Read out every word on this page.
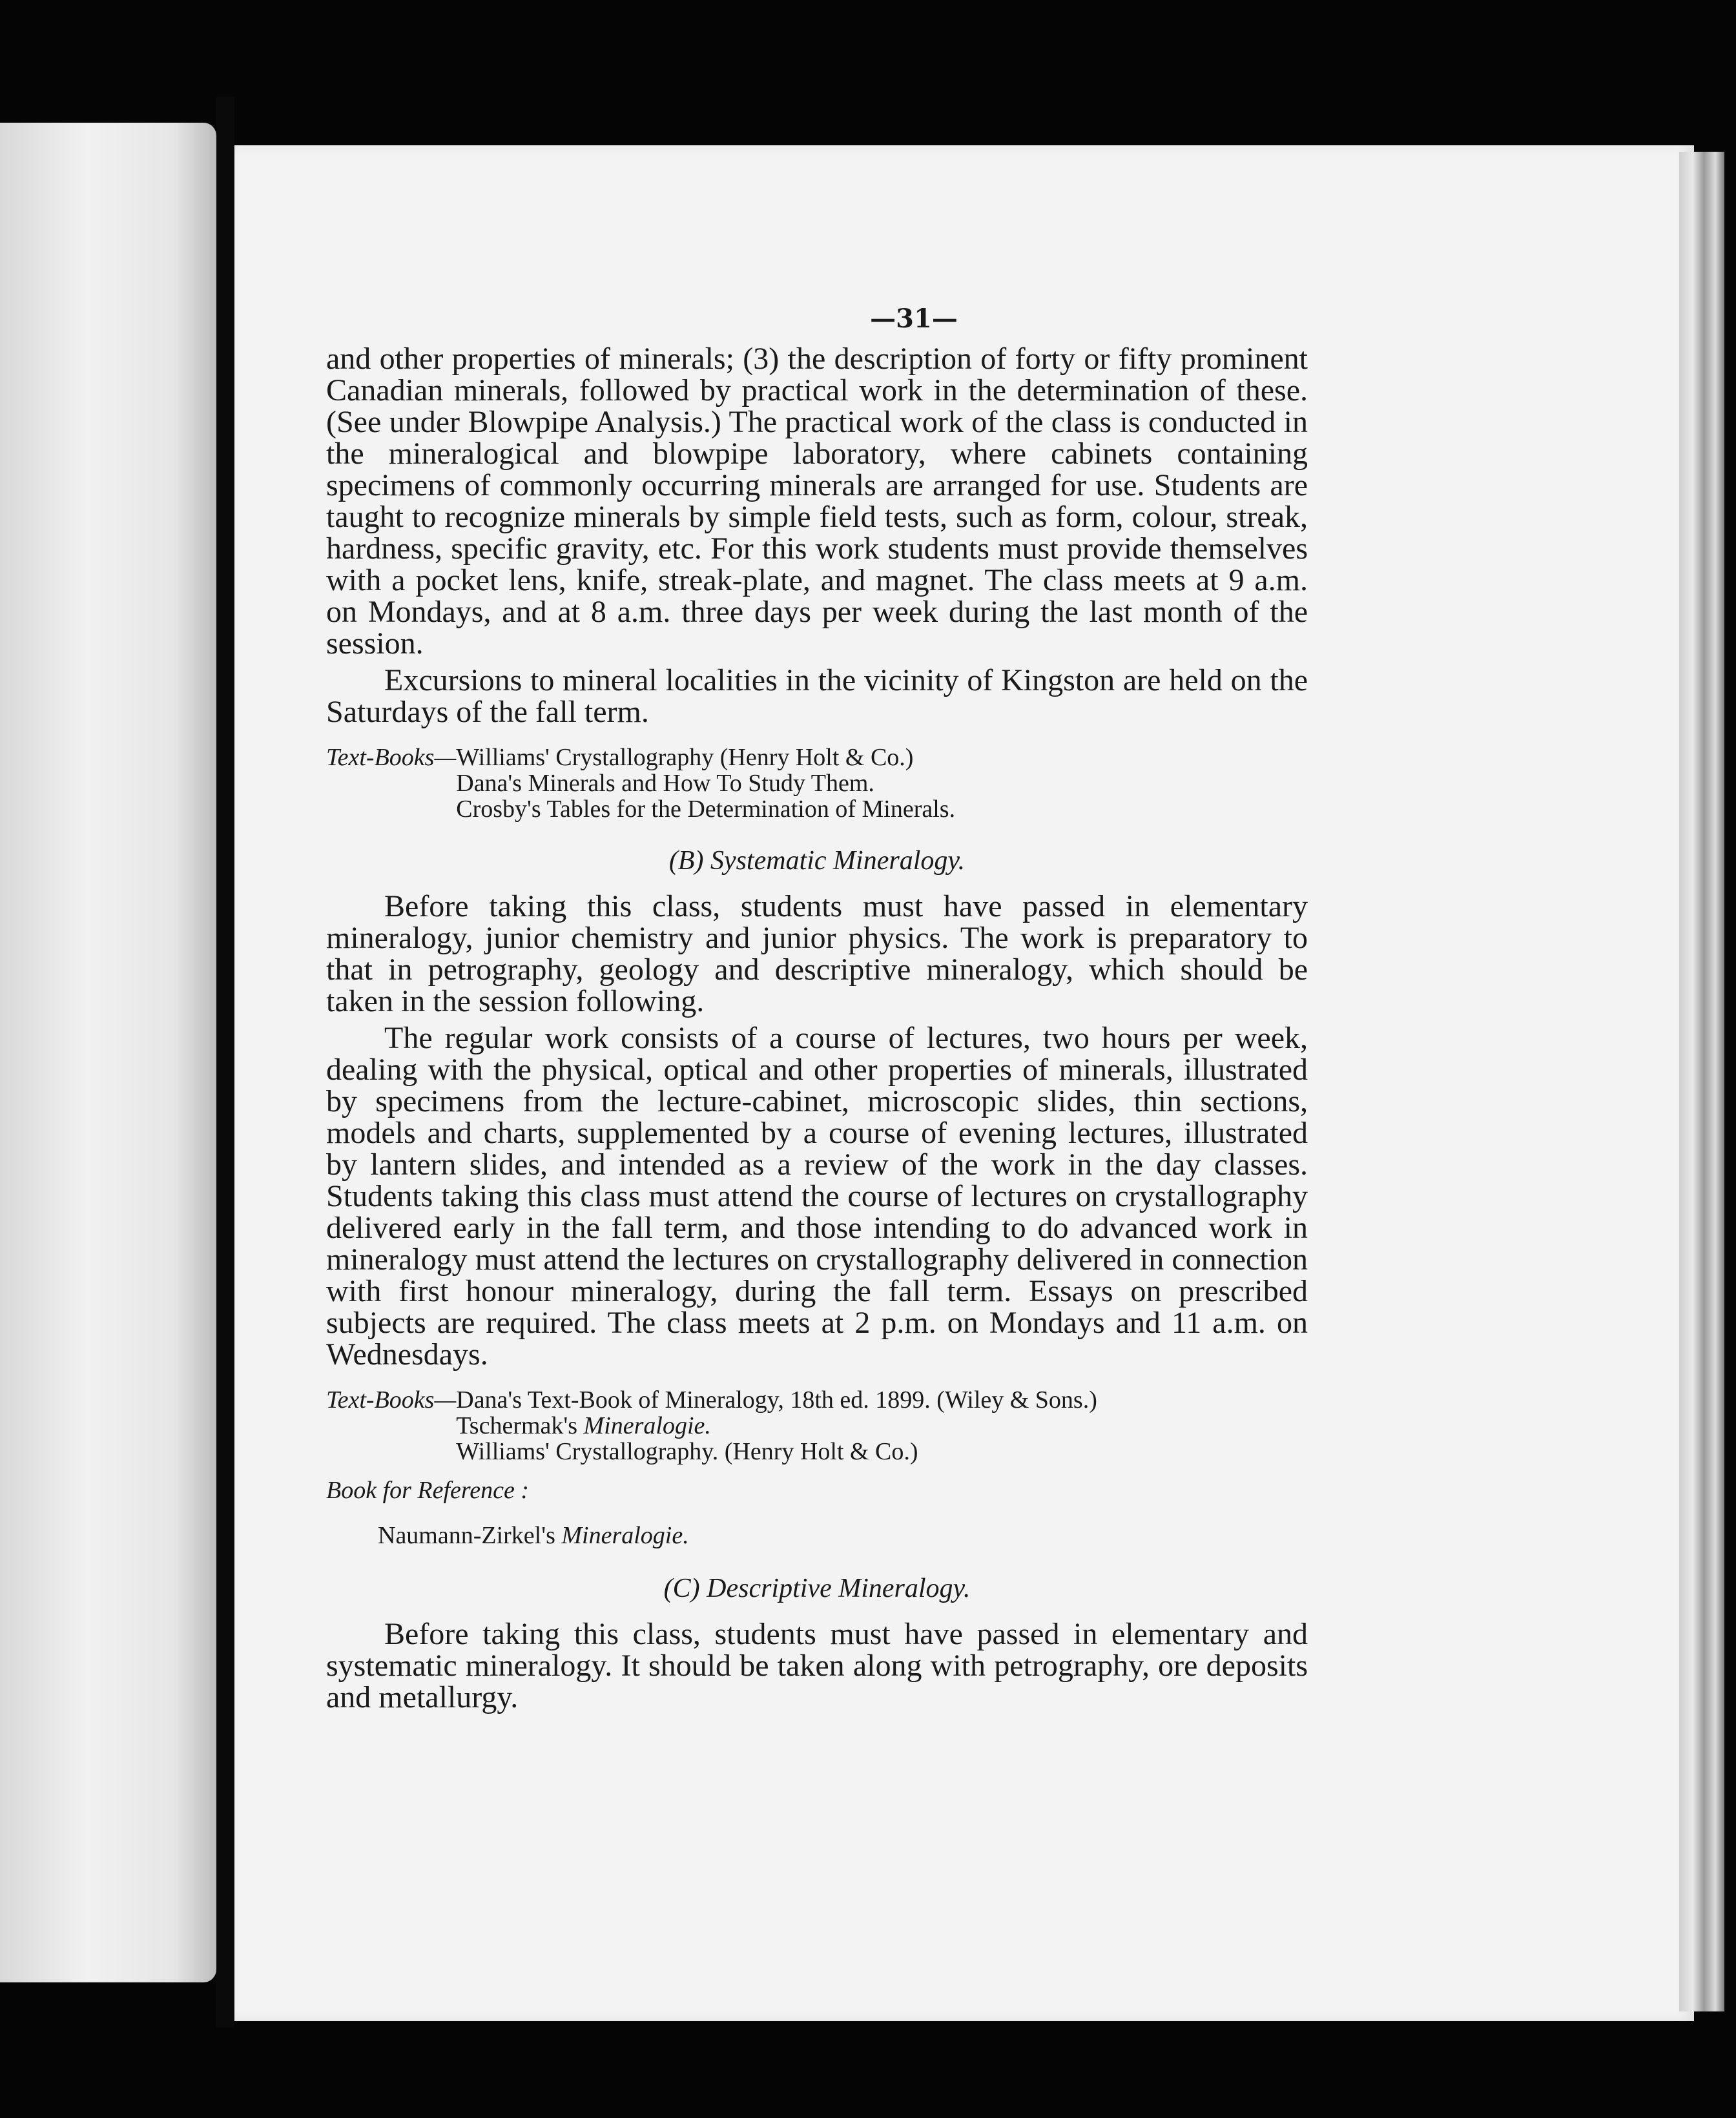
—31—

and other properties of minerals; (3) the description of forty or fifty prominent Canadian minerals, followed by practical work in the determination of these. (See under Blowpipe Analysis.) The practical work of the class is conducted in the mineralogical and blowpipe laboratory, where cabinets containing specimens of commonly occurring minerals are arranged for use. Students are taught to recognize minerals by simple field tests, such as form, colour, streak, hardness, specific gravity, etc. For this work students must provide themselves with a pocket lens, knife, streak-plate, and magnet. The class meets at 9 a.m. on Mondays, and at 8 a.m. three days per week during the last month of the session.

Excursions to mineral localities in the vicinity of Kingston are held on the Saturdays of the fall term.

Text-Books— Williams' Crystallography (Henry Holt & Co.)
Dana's Minerals and How To Study Them.
Crosby's Tables for the Determination of Minerals.
(B) Systematic Mineralogy.

Before taking this class, students must have passed in elementary mineralogy, junior chemistry and junior physics. The work is preparatory to that in petrography, geology and descriptive mineralogy, which should be taken in the session following.

The regular work consists of a course of lectures, two hours per week, dealing with the physical, optical and other properties of minerals, illustrated by specimens from the lecture-cabinet, microscopic slides, thin sections, models and charts, supplemented by a course of evening lectures, illustrated by lantern slides, and intended as a review of the work in the day classes. Students taking this class must attend the course of lectures on crystallography delivered early in the fall term, and those intending to do advanced work in mineralogy must attend the lectures on crystallography delivered in connection with first honour mineralogy, during the fall term. Essays on prescribed subjects are required. The class meets at 2 p.m. on Mondays and 11 a.m. on Wednesdays.

Text-Books— Dana's Text-Book of Mineralogy, 18th ed. 1899. (Wiley & Sons.)
Tschermak's Mineralogie.
Williams' Crystallography. (Henry Holt & Co.)
Book for Reference :
Naumann-Zirkel's Mineralogie.
(C) Descriptive Mineralogy.

Before taking this class, students must have passed in elementary and systematic mineralogy. It should be taken along with petrography, ore deposits and metallurgy.
